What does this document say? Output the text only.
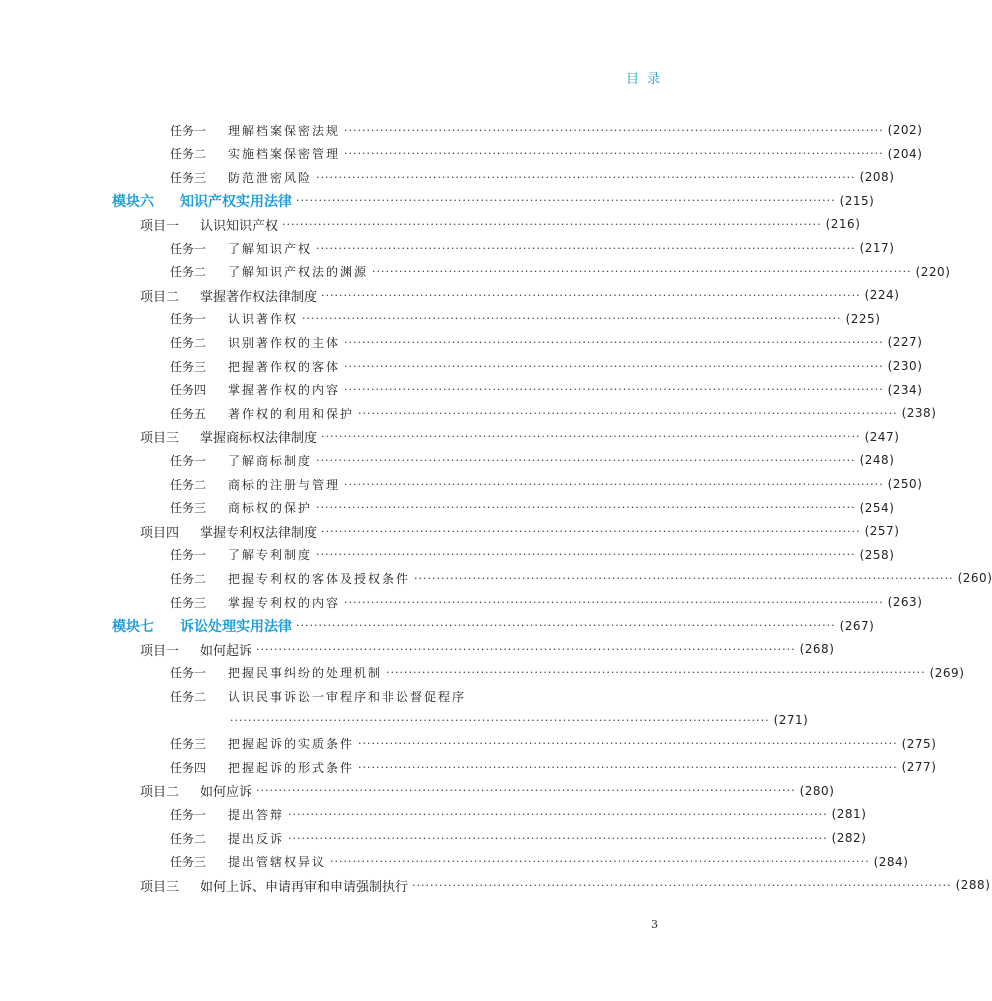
目录
任务一	理解档案保密法规 ························································································································ (202)
任务二	实施档案保密管理 ························································································································ (204)
任务三	防范泄密风险 ························································································································ (208)
模块六	知识产权实用法律 ························································································································ (215)
项目一	认识知识产权 ························································································································ (216)
任务一	了解知识产权 ························································································································ (217)
任务二	了解知识产权法的渊源 ························································································································ (220)
项目二	掌握著作权法律制度 ························································································································ (224)
任务一	认识著作权 ························································································································ (225)
任务二	识别著作权的主体 ························································································································ (227)
任务三	把握著作权的客体 ························································································································ (230)
任务四	掌握著作权的内容 ························································································································ (234)
任务五	著作权的利用和保护 ························································································································ (238)
项目三	掌握商标权法律制度 ························································································································ (247)
任务一	了解商标制度 ························································································································ (248)
任务二	商标的注册与管理 ························································································································ (250)
任务三	商标权的保护 ························································································································ (254)
项目四	掌握专利权法律制度 ························································································································ (257)
任务一	了解专利制度 ························································································································ (258)
任务二	把握专利权的客体及授权条件 ························································································································ (260)
任务三	掌握专利权的内容 ························································································································ (263)
模块七	诉讼处理实用法律 ························································································································ (267)
项目一	如何起诉 ························································································································ (268)
任务一	把握民事纠纷的处理机制 ························································································································ (269)
任务二	认识民事诉讼一审程序和非讼督促程序
························································································································ (271)
任务三	把握起诉的实质条件 ························································································································ (275)
任务四	把握起诉的形式条件 ························································································································ (277)
项目二	如何应诉 ························································································································ (280)
任务一	提出答辩 ························································································································ (281)
任务二	提出反诉 ························································································································ (282)
任务三	提出管辖权异议 ························································································································ (284)
项目三	如何上诉、申请再审和申请强制执行 ························································································································ (288)
3
